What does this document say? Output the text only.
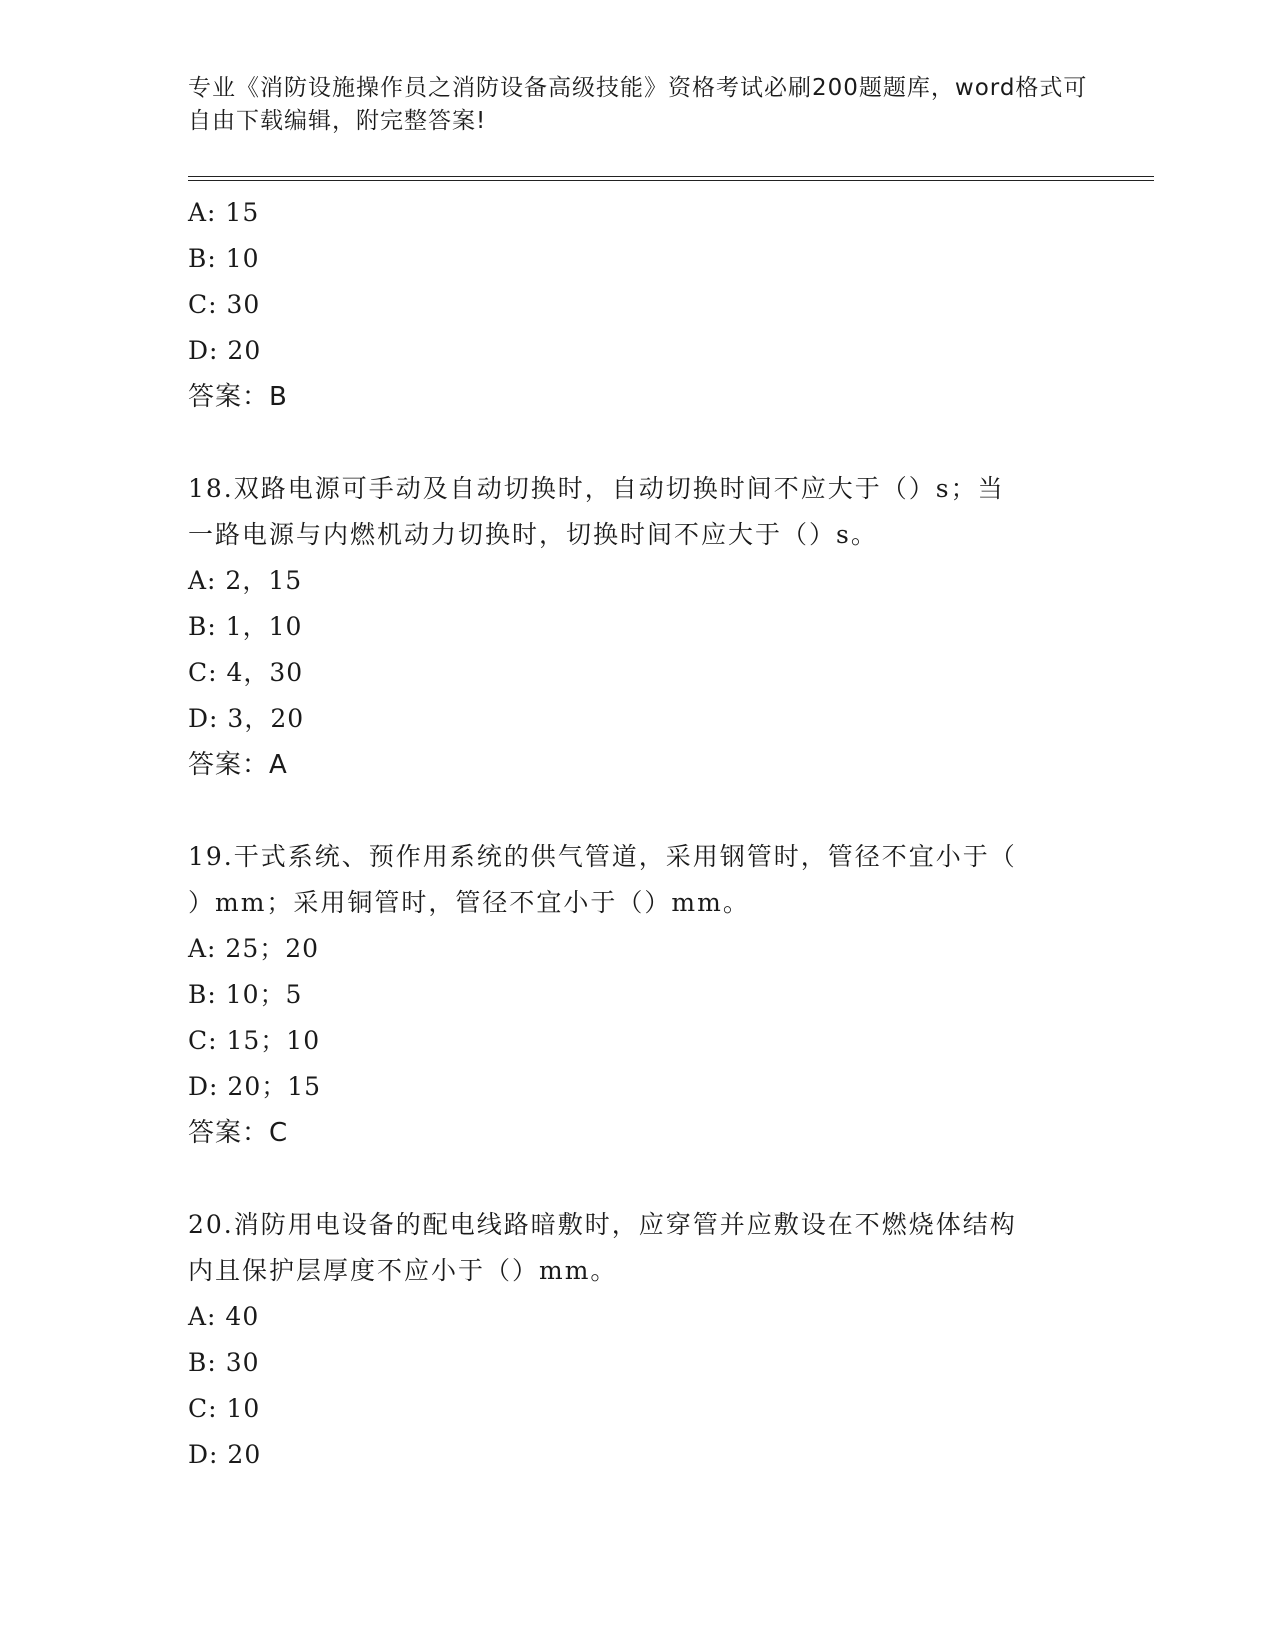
专业《消防设施操作员之消防设备高级技能》资格考试必刷200题题库，word格式可自由下载编辑，附完整答案!
A: 15
B: 10
C: 30
D: 20
答案：B
18.双路电源可手动及自动切换时，自动切换时间不应大于（）s；当
一路电源与内燃机动力切换时，切换时间不应大于（）s。
A: 2，15
B: 1，10
C: 4，30
D: 3，20
答案：A
19.干式系统、预作用系统的供气管道，采用钢管时，管径不宜小于（
）mm；采用铜管时，管径不宜小于（）mm。
A: 25；20
B: 10；5
C: 15；10
D: 20；15
答案：C
20.消防用电设备的配电线路暗敷时，应穿管并应敷设在不燃烧体结构
内且保护层厚度不应小于（）mm。
A: 40
B: 30
C: 10
D: 20
